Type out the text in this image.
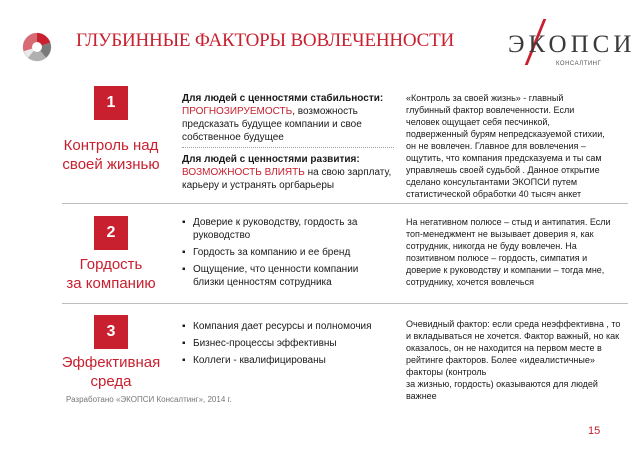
ГЛУБИННЫЕ ФАКТОРЫ ВОВЛЕЧЕННОСТИ ЭКОПСИ
КОНСАЛТИНГ
1
Контроль над
своей жизнью
Для людей с ценностями стабильности:
ПРОГНОЗИРУЕМОСТЬ, возможность
предсказать будущее компании и свое
собственное будущее
Для людей с ценностями развития:
ВОЗМОЖНОСТЬ ВЛИЯТЬ на свою зарплату,
карьеру и устранять оргбарьеры
«Контроль за своей жизнь» - главный
глубинный фактор вовлеченности. Если
человек ощущает себя песчинкой,
подверженный бурям непредсказуемой стихии,
он не вовлечен. Главное для вовлечения –
ощутить, что компания предсказуема и ты сам
управляешь своей судьбой . Данное открытие
сделано консультантами ЭКОПСИ путем
статистической обработки 40 тысяч анкет
2
Гордость
за компанию
▪ Доверие к руководству, гордость за
руководство
▪ Гордость за компанию и ее бренд
▪ Ощущение, что ценности компании
близки ценностям сотрудника
На негативном полюсе – стыд и антипатия. Если
топ-менеджмент не вызывает доверия я, как
сотрудник, никогда не буду вовлечен. На
позитивном полюсе – гордость, симпатия и
доверие к руководству и компании – тогда мне,
сотруднику, хочется вовлечься
3
Эффективная
среда
▪ Компания дает ресурсы и полномочия
▪ Бизнес-процессы эффективны
▪ Коллеги - квалифицированы
Очевидный фактор: если среда неэффективна , то
и вкладываться не хочется. Фактор важный, но как
оказалось, он не находится на первом месте в
рейтинге факторов. Более «идеалистичные»
факторы (контроль
за жизнью, гордость) оказываются для людей
важнее
Разработано «ЭКОПСИ Консалтинг», 2014 г.
15
